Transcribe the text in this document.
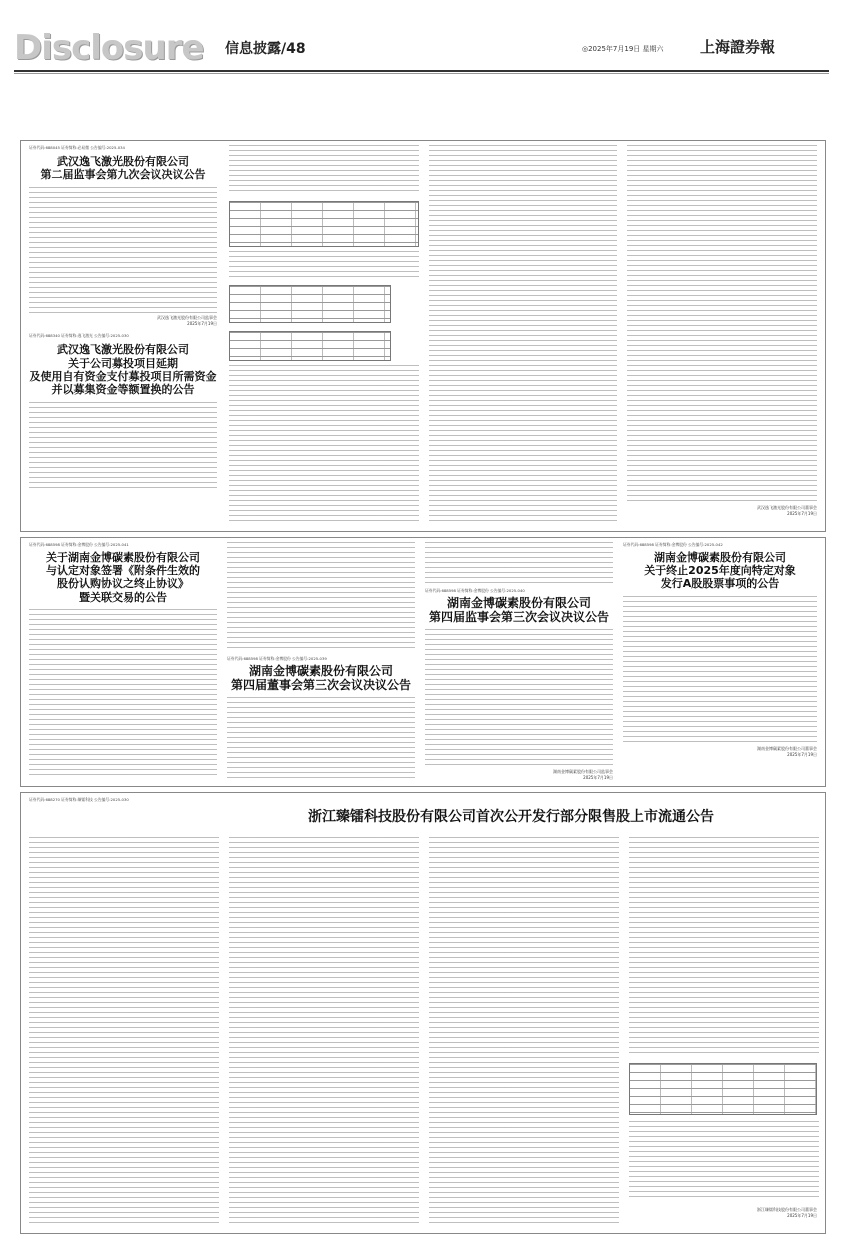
Disclosure 信息披露/48	◎2025年7月19日 星期六 上海證券報
证券代码:688045 证券简称:必易微 公告编号:2025-034
武汉逸飞激光股份有限公司
第二届监事会第九次会议决议公告
武汉逸飞激光股份有限公司监事会
2025年7月19日
证券代码:688340 证券简称:逸飞激光 公告编号:2025-030
武汉逸飞激光股份有限公司
关于公司募投项目延期
及使用自有资金支付募投项目所需资金
并以募集资金等额置换的公告
武汉逸飞激光股份有限公司董事会
2025年7月19日
证券代码:688598 证券简称:金博股份 公告编号:2025-041
关于湖南金博碳素股份有限公司
与认定对象签署《附条件生效的
股份认购协议之终止协议》
暨关联交易的公告
证券代码:688598 证券简称:金博股份 公告编号:2025-039
湖南金博碳素股份有限公司
第四届董事会第三次会议决议公告
证券代码:688598 证券简称:金博股份 公告编号:2025-040
湖南金博碳素股份有限公司
第四届监事会第三次会议决议公告
湖南金博碳素股份有限公司监事会
2025年7月19日
证券代码:688598 证券简称:金博股份 公告编号:2025-042
湖南金博碳素股份有限公司
关于终止2025年度向特定对象
发行A股股票事项的公告
湖南金博碳素股份有限公司董事会
2025年7月19日
证券代码:688270 证券简称:臻镭科技 公告编号:2025-030
浙江臻镭科技股份有限公司首次公开发行部分限售股上市流通公告
浙江臻镭科技股份有限公司董事会
2025年7月19日
